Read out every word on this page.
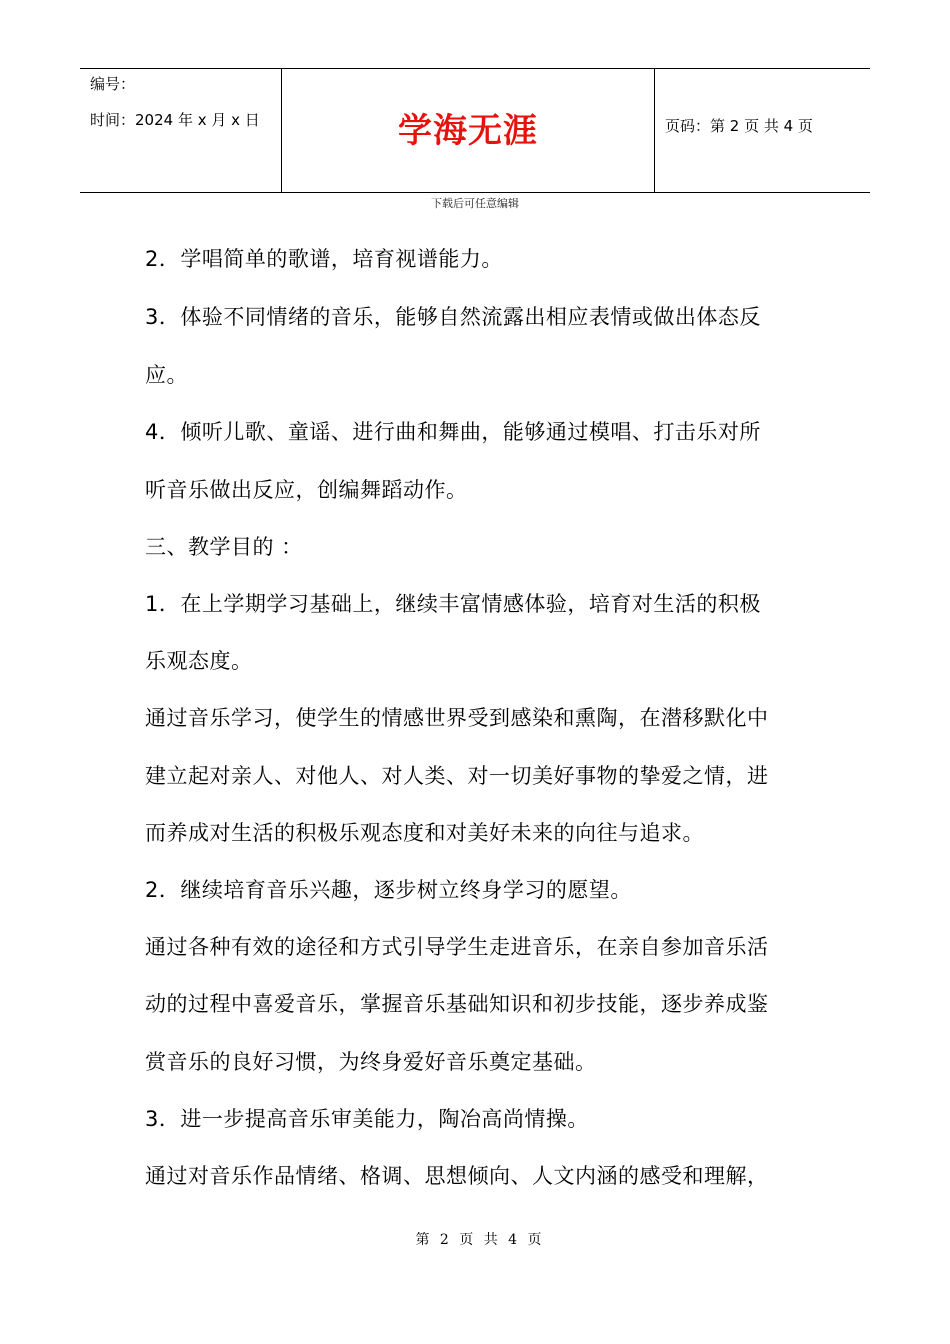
编号：
时间：2024 年 x 月 x 日	学海无涯	页码：第 2 页 共 4 页
下载后可任意编辑
2．学唱简单的歌谱，培育视谱能力。
3．体验不同情绪的音乐，能够自然流露出相应表情或做出体态反
应。
4．倾听儿歌、童谣、进行曲和舞曲，能够通过模唱、打击乐对所
听音乐做出反应，创编舞蹈动作。
三、教学目的 ：
1．在上学期学习基础上，继续丰富情感体验，培育对生活的积极
乐观态度。
通过音乐学习，使学生的情感世界受到感染和熏陶，在潜移默化中
建立起对亲人、对他人、对人类、对一切美好事物的挚爱之情，进
而养成对生活的积极乐观态度和对美好未来的向往与追求。
2．继续培育音乐兴趣，逐步树立终身学习的愿望。
通过各种有效的途径和方式引导学生走进音乐，在亲自参加音乐活
动的过程中喜爱音乐，掌握音乐基础知识和初步技能，逐步养成鉴
赏音乐的良好习惯，为终身爱好音乐奠定基础。
3．进一步提高音乐审美能力，陶冶高尚情操。
通过对音乐作品情绪、格调、思想倾向、人文内涵的感受和理解，
第 2 页 共 4 页
